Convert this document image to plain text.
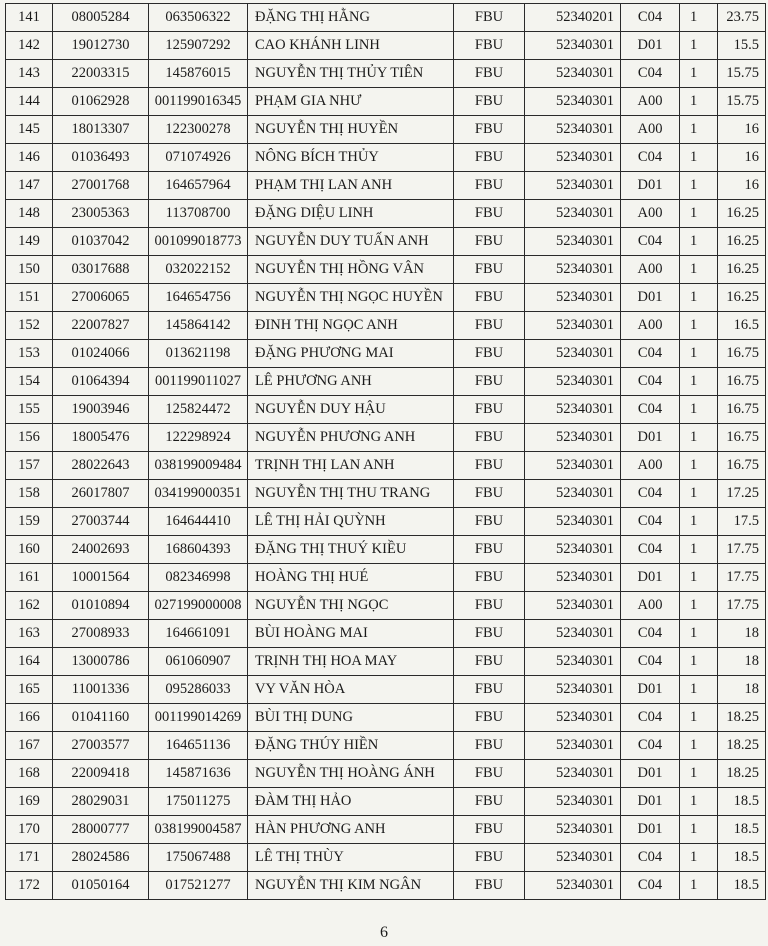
141	08005284	063506322	ĐẶNG THỊ HẰNG	FBU	52340201	C04	1	23.75
142	19012730	125907292	CAO KHÁNH LINH	FBU	52340301	D01	1	15.5
143	22003315	145876015	NGUYỄN THỊ THỦY TIÊN	FBU	52340301	C04	1	15.75
144	01062928	001199016345	PHẠM GIA NHƯ	FBU	52340301	A00	1	15.75
145	18013307	122300278	NGUYỄN THỊ HUYỀN	FBU	52340301	A00	1	16
146	01036493	071074926	NÔNG BÍCH THỦY	FBU	52340301	C04	1	16
147	27001768	164657964	PHẠM THỊ LAN ANH	FBU	52340301	D01	1	16
148	23005363	113708700	ĐẶNG DIỆU LINH	FBU	52340301	A00	1	16.25
149	01037042	001099018773	NGUYỄN DUY TUẤN ANH	FBU	52340301	C04	1	16.25
150	03017688	032022152	NGUYỄN THỊ HỒNG VÂN	FBU	52340301	A00	1	16.25
151	27006065	164654756	NGUYỄN THỊ NGỌC HUYỀN	FBU	52340301	D01	1	16.25
152	22007827	145864142	ĐINH THỊ NGỌC ANH	FBU	52340301	A00	1	16.5
153	01024066	013621198	ĐẶNG PHƯƠNG MAI	FBU	52340301	C04	1	16.75
154	01064394	001199011027	LÊ PHƯƠNG ANH	FBU	52340301	C04	1	16.75
155	19003946	125824472	NGUYỄN DUY HẬU	FBU	52340301	C04	1	16.75
156	18005476	122298924	NGUYỄN PHƯƠNG ANH	FBU	52340301	D01	1	16.75
157	28022643	038199009484	TRỊNH THỊ LAN ANH	FBU	52340301	A00	1	16.75
158	26017807	034199000351	NGUYỄN THỊ THU TRANG	FBU	52340301	C04	1	17.25
159	27003744	164644410	LÊ THỊ HẢI QUỲNH	FBU	52340301	C04	1	17.5
160	24002693	168604393	ĐẶNG THỊ THUÝ KIỀU	FBU	52340301	C04	1	17.75
161	10001564	082346998	HOÀNG THỊ HUÉ	FBU	52340301	D01	1	17.75
162	01010894	027199000008	NGUYỄN THỊ NGỌC	FBU	52340301	A00	1	17.75
163	27008933	164661091	BÙI HOÀNG MAI	FBU	52340301	C04	1	18
164	13000786	061060907	TRỊNH THỊ HOA MAY	FBU	52340301	C04	1	18
165	11001336	095286033	VY VĂN HÒA	FBU	52340301	D01	1	18
166	01041160	001199014269	BÙI THỊ DUNG	FBU	52340301	C04	1	18.25
167	27003577	164651136	ĐẶNG THÚY HIỀN	FBU	52340301	C04	1	18.25
168	22009418	145871636	NGUYỄN THỊ HOÀNG ÁNH	FBU	52340301	D01	1	18.25
169	28029031	175011275	ĐÀM THỊ HẢO	FBU	52340301	D01	1	18.5
170	28000777	038199004587	HÀN PHƯƠNG ANH	FBU	52340301	D01	1	18.5
171	28024586	175067488	LÊ THỊ THÙY	FBU	52340301	C04	1	18.5
172	01050164	017521277	NGUYỄN THỊ KIM NGÂN	FBU	52340301	C04	1	18.5
6
